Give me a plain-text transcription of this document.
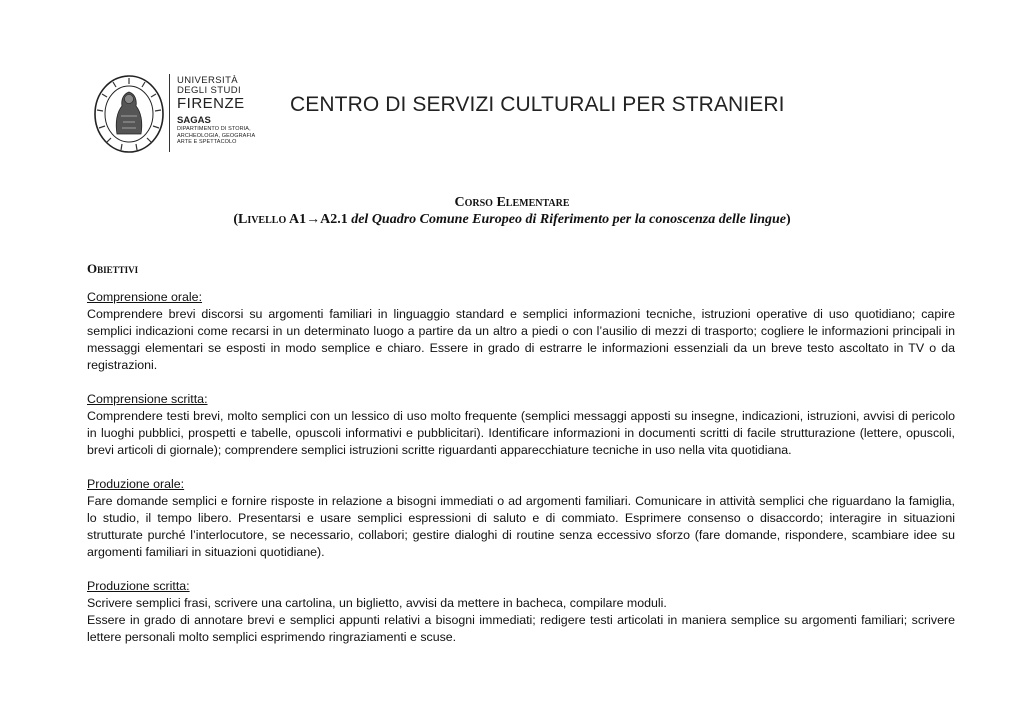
UNIVERSITÀ
DEGLI STUDI
FIRENZE
SAGAS
DIPARTIMENTO DI STORIA,
ARCHEOLOGIA, GEOGRAFIA
ARTE E SPETTACOLO
CENTRO DI SERVIZI CULTURALI PER STRANIERI
Corso Elementare
(Livello A1→A2.1 del Quadro Comune Europeo di Riferimento per la conoscenza delle lingue)
Obiettivi
Comprensione orale:
Comprendere brevi discorsi su argomenti familiari in linguaggio standard e semplici informazioni tecniche, istruzioni operative di uso quotidiano; capire semplici indicazioni come recarsi in un determinato luogo a partire da un altro a piedi o con l’ausilio di mezzi di trasporto; cogliere le informazioni principali in messaggi elementari se esposti in modo semplice e chiaro. Essere in grado di estrarre le informazioni essenziali da un breve testo ascoltato in TV o da registrazioni.
Comprensione scritta:
Comprendere testi brevi, molto semplici con un lessico di uso molto frequente (semplici messaggi apposti su insegne, indicazioni, istruzioni, avvisi di pericolo in luoghi pubblici, prospetti e tabelle, opuscoli informativi e pubblicitari). Identificare informazioni in documenti scritti di facile strutturazione (lettere, opuscoli, brevi articoli di giornale); comprendere semplici istruzioni scritte riguardanti apparecchiature tecniche in uso nella vita quotidiana.
Produzione orale:
Fare domande semplici e fornire risposte in relazione a bisogni immediati o ad argomenti familiari. Comunicare in attività semplici che riguardano la famiglia, lo studio, il tempo libero. Presentarsi e usare semplici espressioni di saluto e di commiato. Esprimere consenso o disaccordo; interagire in situazioni strutturate purché l’interlocutore, se necessario, collabori; gestire dialoghi di routine senza eccessivo sforzo (fare domande, rispondere, scambiare idee su argomenti familiari in situazioni quotidiane).
Produzione scritta:
Scrivere semplici frasi, scrivere una cartolina, un biglietto, avvisi da mettere in bacheca, compilare moduli.
Essere in grado di annotare brevi e semplici appunti relativi a bisogni immediati; redigere testi articolati in maniera semplice su argomenti familiari; scrivere lettere personali molto semplici esprimendo ringraziamenti e scuse.
